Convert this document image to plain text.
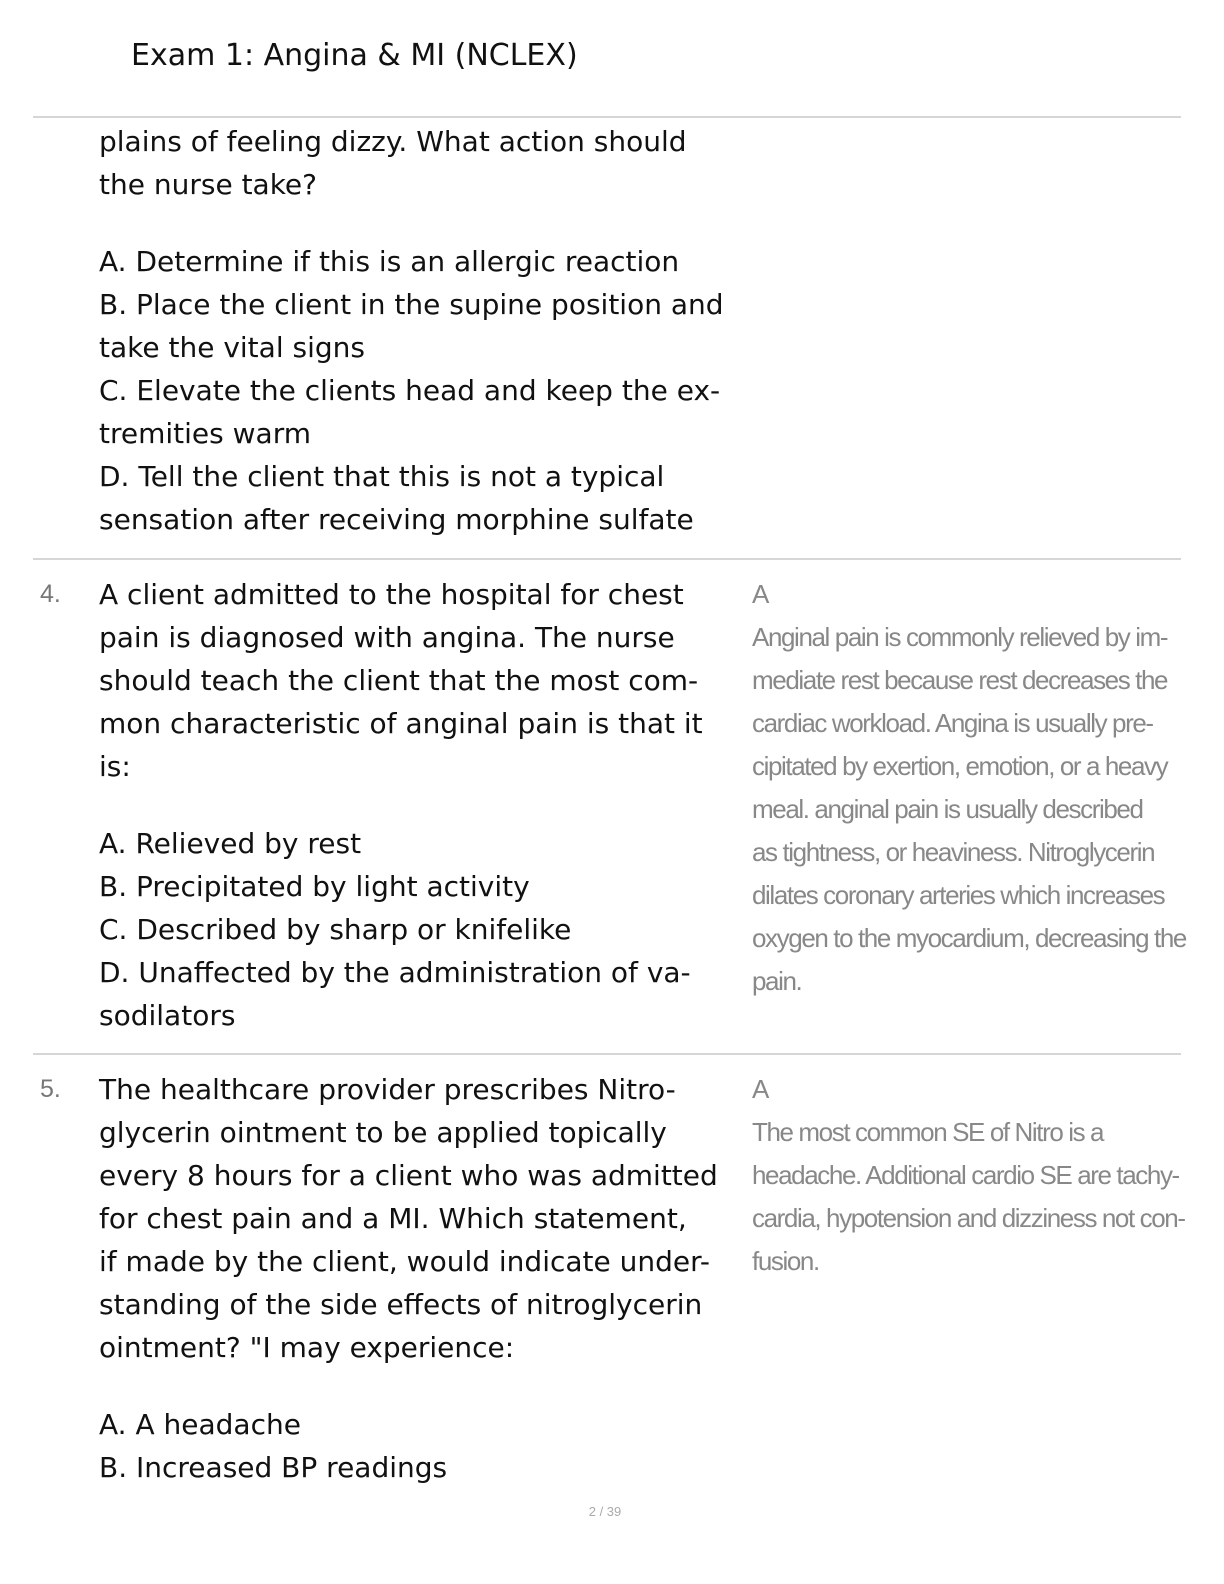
Exam 1: Angina & MI (NCLEX)
plains of feeling dizzy. What action should
the nurse take?
A. Determine if this is an allergic reaction
B. Place the client in the supine position and
take the vital signs
C. Elevate the clients head and keep the ex-
tremities warm
D. Tell the client that this is not a typical
sensation after receiving morphine sulfate
4. A client admitted to the hospital for chest
pain is diagnosed with angina. The nurse
should teach the client that the most com-
mon characteristic of anginal pain is that it
is:
A. Relieved by rest
B. Precipitated by light activity
C. Described by sharp or knifelike
D. Unaffected by the administration of va-
sodilators
A
Anginal pain is commonly relieved by im-
mediate rest because rest decreases the
cardiac workload. Angina is usually pre-
cipitated by exertion, emotion, or a heavy
meal. anginal pain is usually described
as tightness, or heaviness. Nitroglycerin
dilates coronary arteries which increases
oxygen to the myocardium, decreasing the
pain.
5. The healthcare provider prescribes Nitro-
glycerin ointment to be applied topically
every 8 hours for a client who was admitted
for chest pain and a MI. Which statement,
if made by the client, would indicate under-
standing of the side effects of nitroglycerin
ointment? "I may experience:
A. A headache
B. Increased BP readings
A
The most common SE of Nitro is a
headache. Additional cardio SE are tachy-
cardia, hypotension and dizziness not con-
fusion.
2 / 39
